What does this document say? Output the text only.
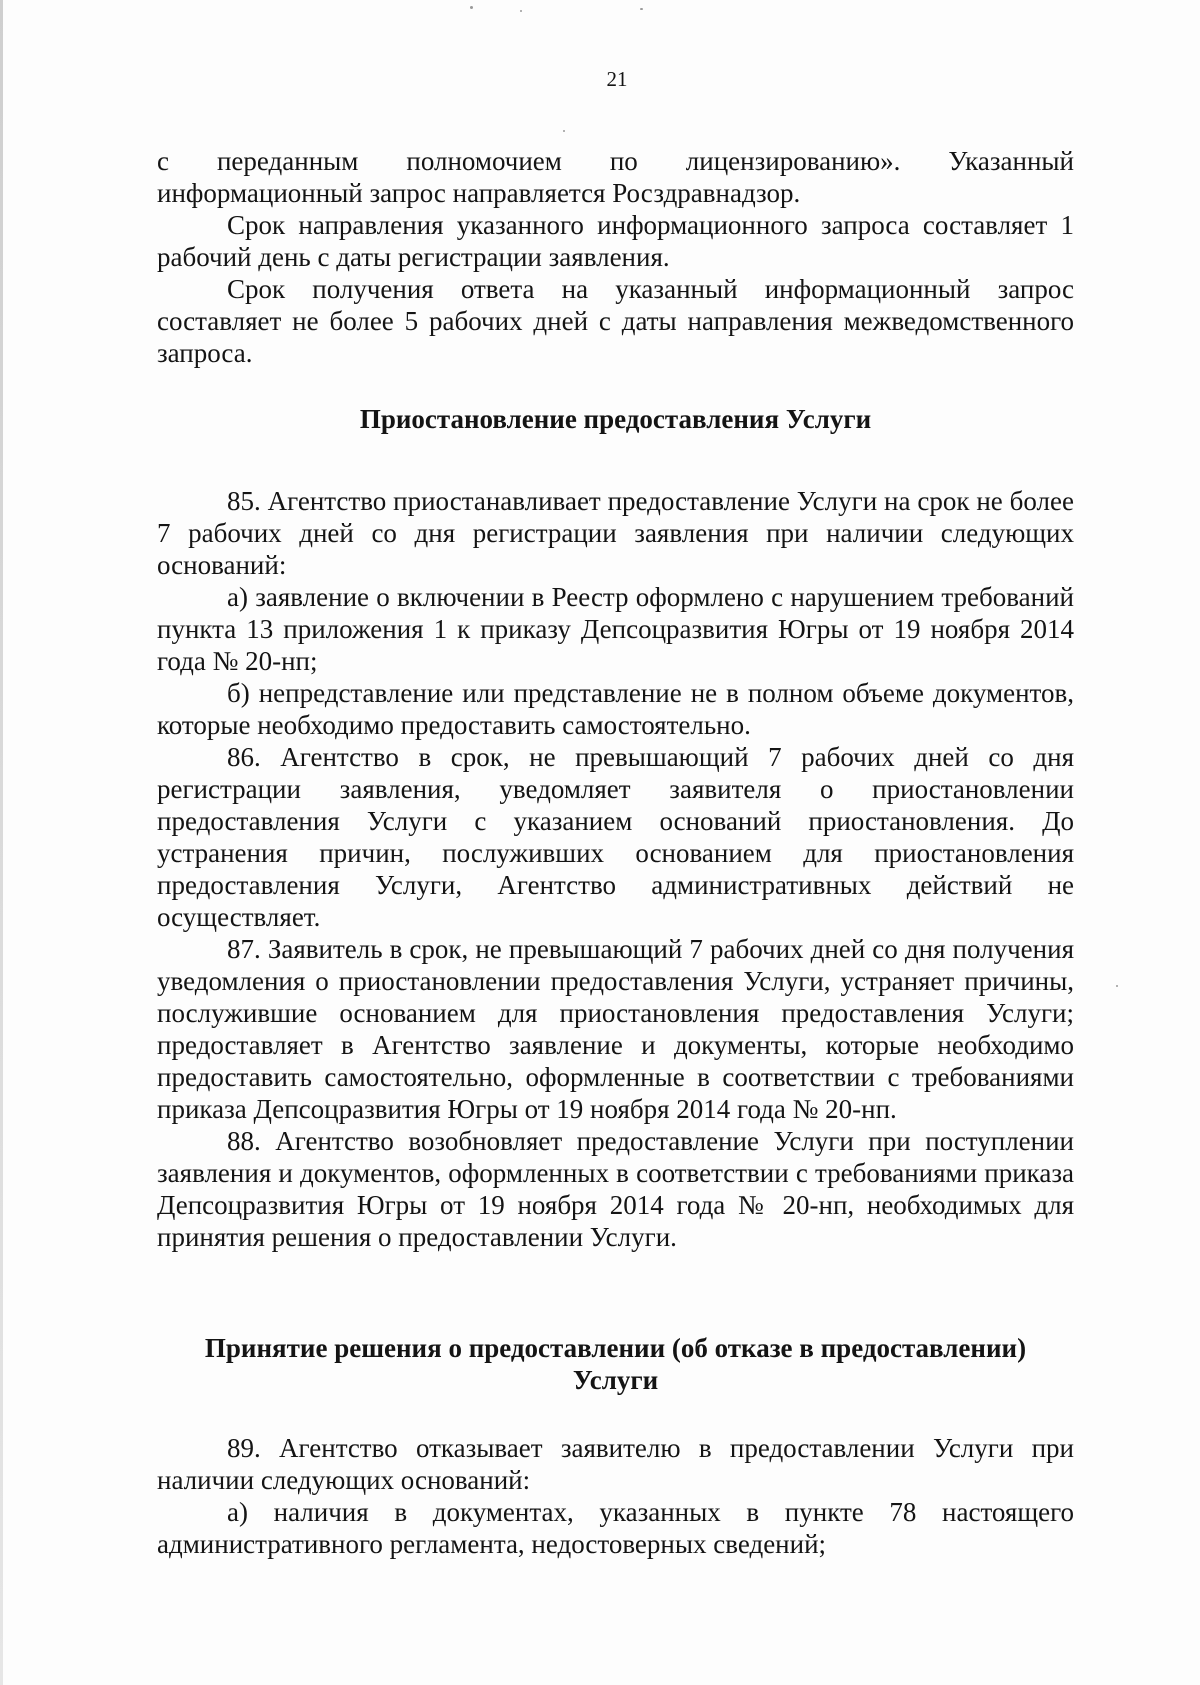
21

с переданным полномочием по лицензированию». Указанный информационный запрос направляется Росздравнадзор.

Срок направления указанного информационного запроса составляет 1 рабочий день с даты регистрации заявления.

Срок получения ответа на указанный информационный запрос составляет не более 5 рабочих дней с даты направления межведомственного запроса.

Приостановление предоставления Услуги

85. Агентство приостанавливает предоставление Услуги на срок не более 7 рабочих дней со дня регистрации заявления при наличии следующих оснований:

а) заявление о включении в Реестр оформлено с нарушением требований пункта 13 приложения 1 к приказу Депсоцразвития Югры от 19 ноября 2014 года № 20-нп;

б) непредставление или представление не в полном объеме документов, которые необходимо предоставить самостоятельно.

86. Агентство в срок, не превышающий 7 рабочих дней со дня регистрации заявления, уведомляет заявителя о приостановлении предоставления Услуги с указанием оснований приостановления. До устранения причин, послуживших основанием для приостановления предоставления Услуги, Агентство административных действий не осуществляет.

87. Заявитель в срок, не превышающий 7 рабочих дней со дня получения уведомления о приостановлении предоставления Услуги, устраняет причины, послужившие основанием для приостановления предоставления Услуги; предоставляет в Агентство заявление и документы, которые необходимо предоставить самостоятельно, оформленные в соответствии с требованиями приказа Депсоцразвития Югры от 19 ноября 2014 года № 20-нп.

88. Агентство возобновляет предоставление Услуги при поступлении заявления и документов, оформленных в соответствии с требованиями приказа Депсоцразвития Югры от 19 ноября 2014 года № 20-нп, необходимых для принятия решения о предоставлении Услуги.

Принятие решения о предоставлении (об отказе в предоставлении)

Услуги

89. Агентство отказывает заявителю в предоставлении Услуги при наличии следующих оснований:

а) наличия в документах, указанных в пункте 78 настоящего административного регламента, недостоверных сведений;
